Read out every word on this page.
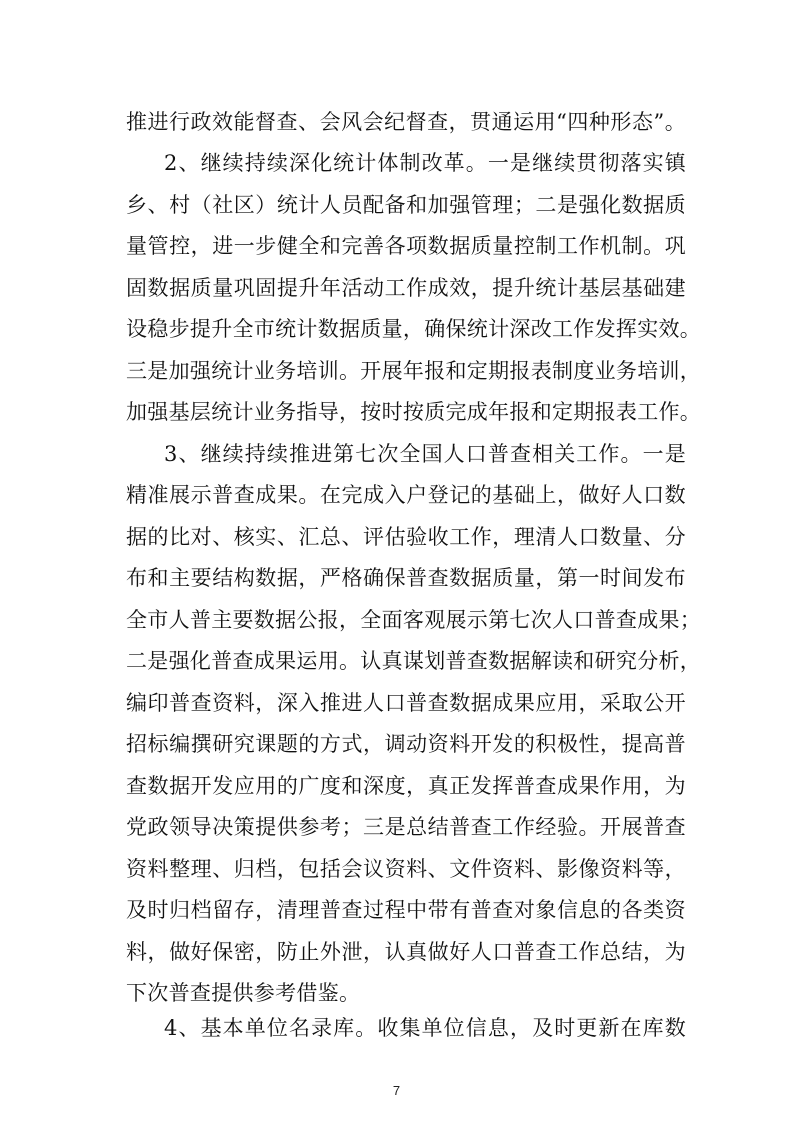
推进行政效能督查、会风会纪督查，贯通运用“四种形态”。
2、继续持续深化统计体制改革。一是继续贯彻落实镇
乡、村（社区）统计人员配备和加强管理；二是强化数据质
量管控，进一步健全和完善各项数据质量控制工作机制。巩
固数据质量巩固提升年活动工作成效，提升统计基层基础建
设稳步提升全市统计数据质量，确保统计深改工作发挥实效。
三是加强统计业务培训。开展年报和定期报表制度业务培训，
加强基层统计业务指导，按时按质完成年报和定期报表工作。
3、继续持续推进第七次全国人口普查相关工作。一是
精准展示普查成果。在完成入户登记的基础上，做好人口数
据的比对、核实、汇总、评估验收工作，理清人口数量、分
布和主要结构数据，严格确保普查数据质量，第一时间发布
全市人普主要数据公报，全面客观展示第七次人口普查成果；
二是强化普查成果运用。认真谋划普查数据解读和研究分析，
编印普查资料，深入推进人口普查数据成果应用，采取公开
招标编撰研究课题的方式，调动资料开发的积极性，提高普
查数据开发应用的广度和深度，真正发挥普查成果作用，为
党政领导决策提供参考；三是总结普查工作经验。开展普查
资料整理、归档，包括会议资料、文件资料、影像资料等，
及时归档留存，清理普查过程中带有普查对象信息的各类资
料，做好保密，防止外泄，认真做好人口普查工作总结，为
下次普查提供参考借鉴。
4、基本单位名录库。收集单位信息，及时更新在库数
7
